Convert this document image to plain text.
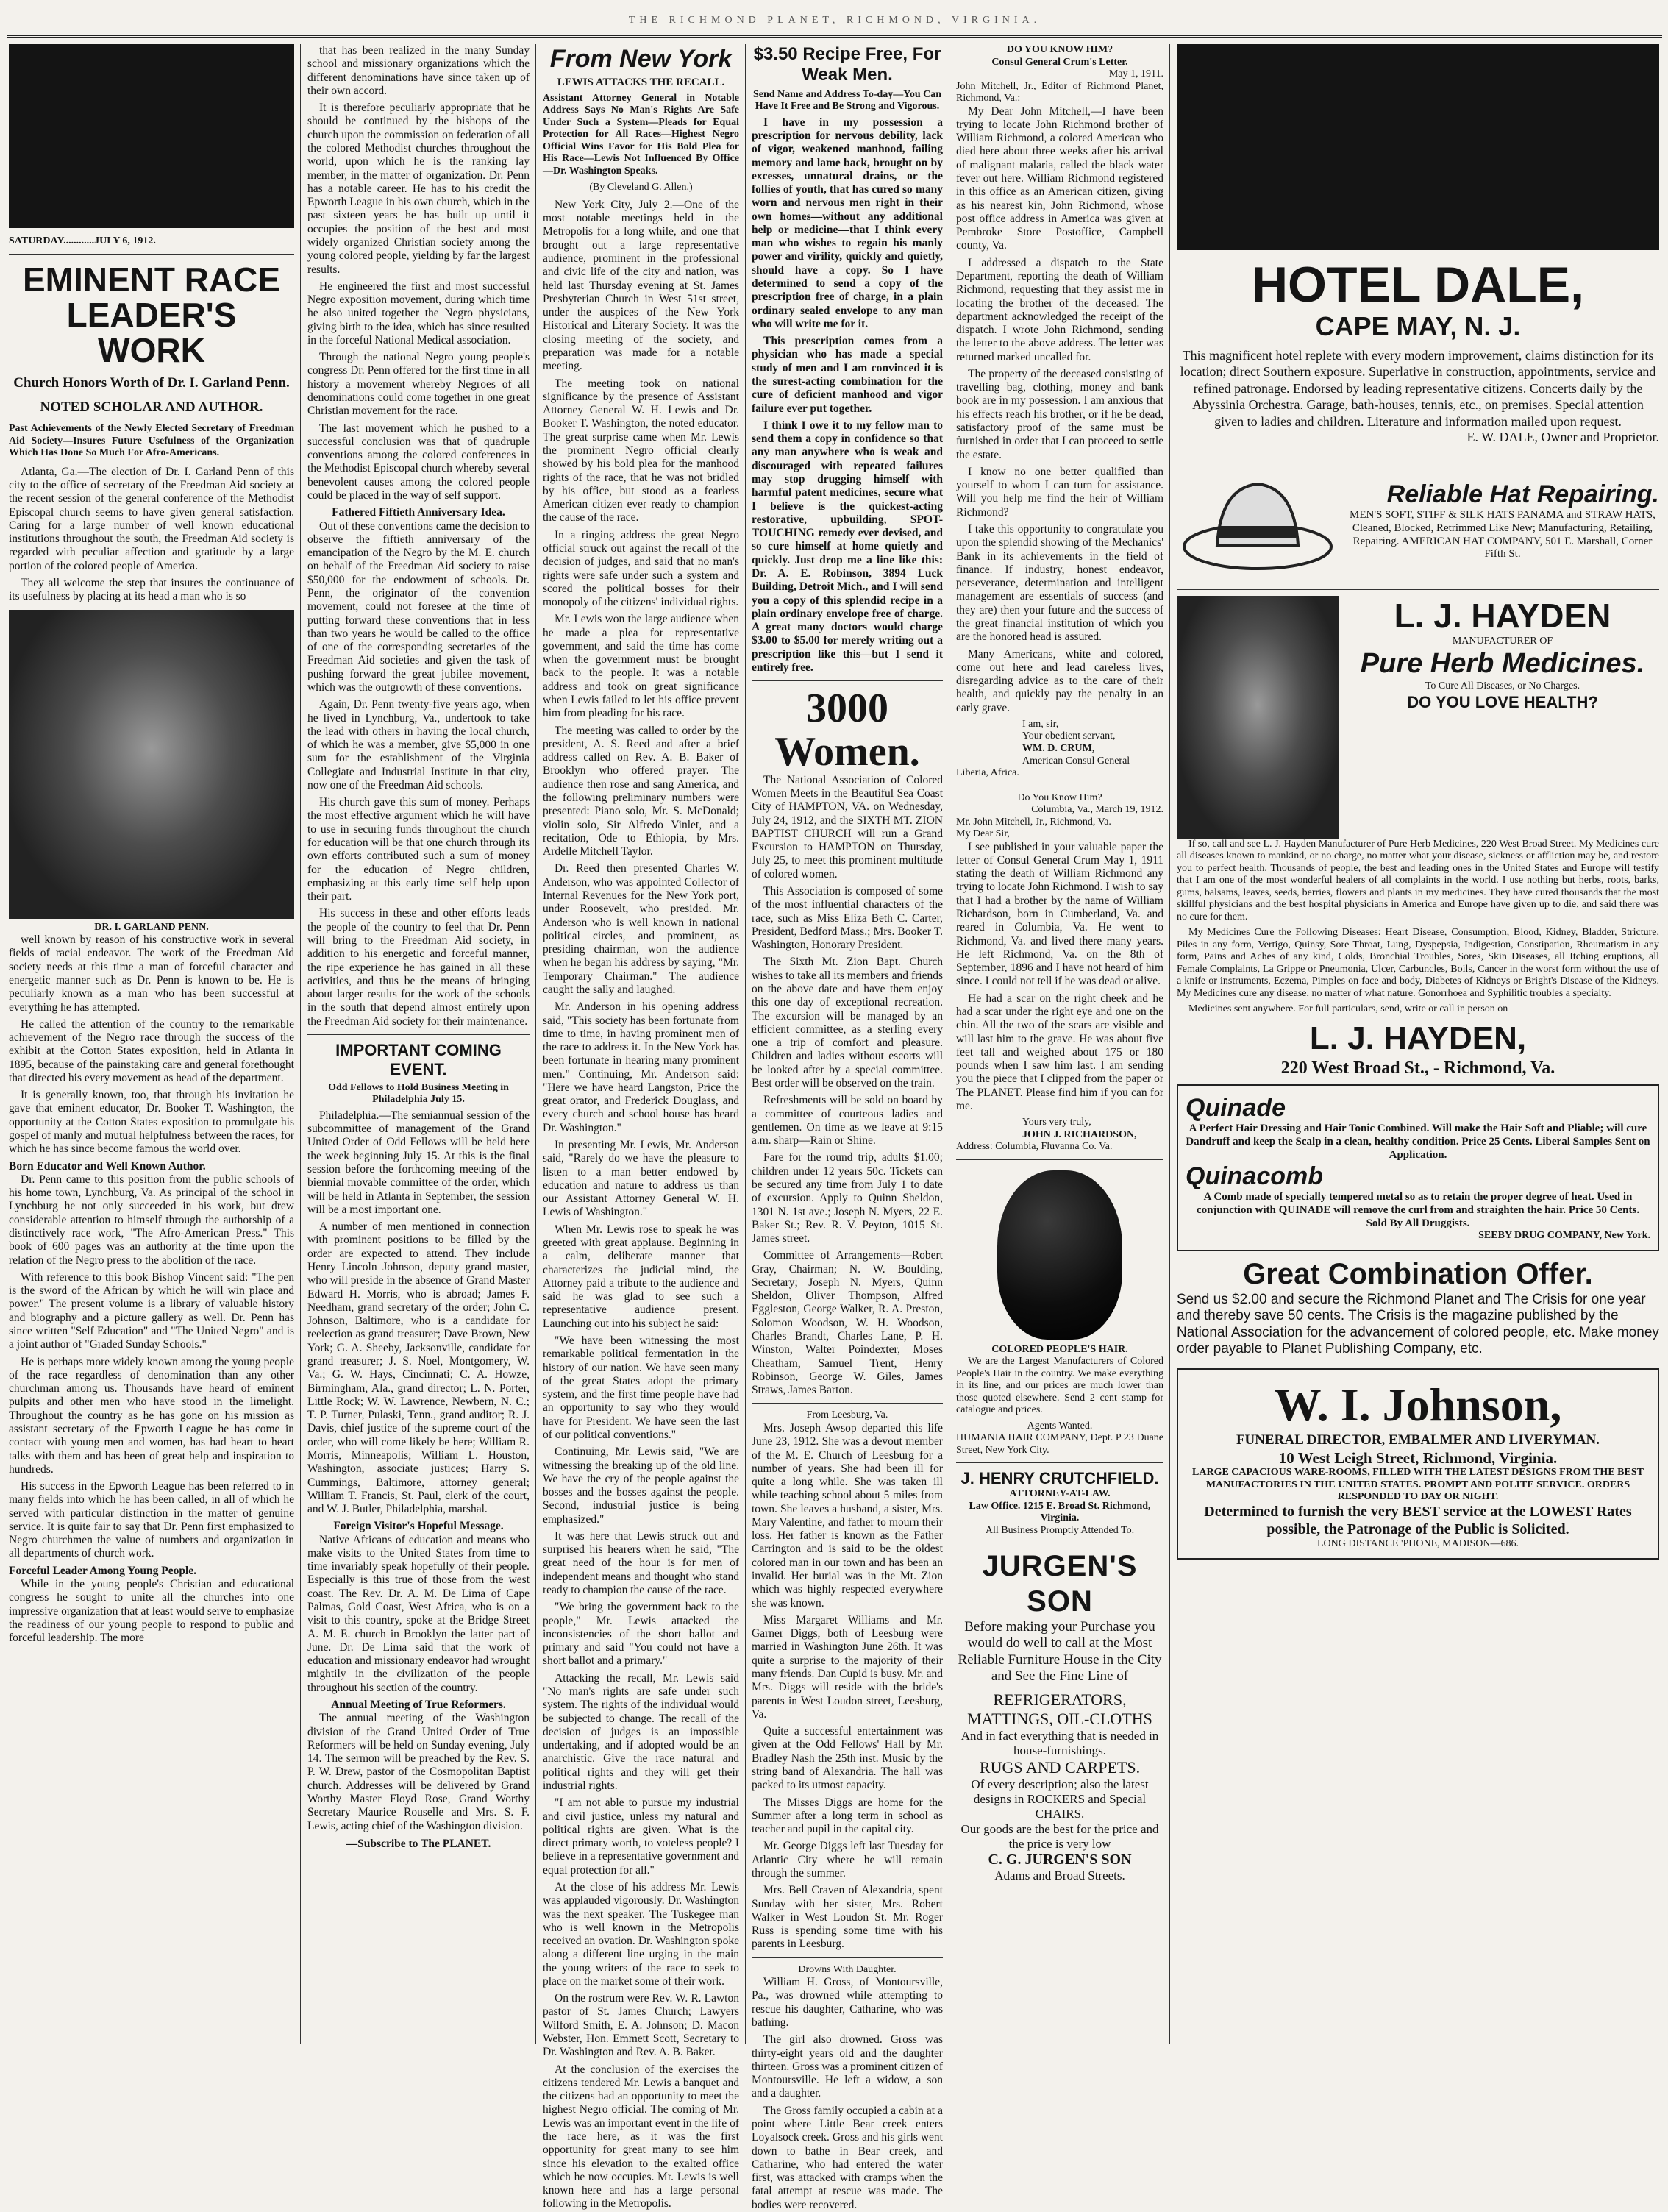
THE RICHMOND PLANET, RICHMOND, VIRGINIA.
SATURDAY............JULY 6, 1912.
EMINENT RACE LEADER'S WORK
Church Honors Worth of Dr. I. Garland Penn.
NOTED SCHOLAR AND AUTHOR.
Past Achievements of the Newly Elected Secretary of Freedman Aid Society—Insures Future Usefulness of the Organization Which Has Done So Much For Afro-Americans.

Atlanta, Ga.—The election of Dr. I. Garland Penn of this city to the office of secretary of the Freedman Aid society at the recent session of the general conference of the Methodist Episcopal church seems to have given general satisfaction. Caring for a large number of well known educational institutions throughout the south, the Freedman Aid society is regarded with peculiar affection and gratitude by a large portion of the colored people of America.

They all welcome the step that insures the continuance of its usefulness by placing at its head a man who is so

DR. I. GARLAND PENN.

well known by reason of his constructive work in several fields of racial endeavor. The work of the Freedman Aid society needs at this time a man of forceful character and energetic manner such as Dr. Penn is known to be. He is peculiarly known as a man who has been successful at everything he has attempted.

He called the attention of the country to the remarkable achievement of the Negro race through the success of the exhibit at the Cotton States exposition, held in Atlanta in 1895, because of the painstaking care and general forethought that directed his every movement as head of the department.

It is generally known, too, that through his invitation he gave that eminent educator, Dr. Booker T. Washington, the opportunity at the Cotton States exposition to promulgate his gospel of manly and mutual helpfulness between the races, for which he has since become famous the world over.

Born Educator and Well Known Author.

Dr. Penn came to this position from the public schools of his home town, Lynchburg, Va. As principal of the school in Lynchburg he not only succeeded in his work, but drew considerable attention to himself through the authorship of a distinctively race work, "The Afro-American Press." This book of 600 pages was an authority at the time upon the relation of the Negro press to the abolition of the race.

With reference to this book Bishop Vincent said: "The pen is the sword of the African by which he will win place and power." The present volume is a library of valuable history and biography and a picture gallery as well. Dr. Penn has since written "Self Education" and "The United Negro" and is a joint author of "Graded Sunday Schools."

He is perhaps more widely known among the young people of the race regardless of denomination than any other churchman among us. Thousands have heard of eminent pulpits and other men who have stood in the limelight. Throughout the country as he has gone on his mission as assistant secretary of the Epworth League he has come in contact with young men and women, has had heart to heart talks with them and has been of great help and inspiration to hundreds.

His success in the Epworth League has been referred to in many fields into which he has been called, in all of which he served with particular distinction in the matter of genuine service. It is quite fair to say that Dr. Penn first emphasized to Negro churchmen the value of numbers and organization in all departments of church work.

Forceful Leader Among Young People.

While in the young people's Christian and educational congress he sought to unite all the churches into one impressive organization that at least would serve to emphasize the readiness of our young people to respond to public and forceful leadership. The more

that has been realized in the many Sunday school and missionary organizations which the different denominations have since taken up of their own accord.

It is therefore peculiarly appropriate that he should be continued by the bishops of the church upon the commission on federation of all the colored Methodist churches throughout the world, upon which he is the ranking lay member, in the matter of organization. Dr. Penn has a notable career. He has to his credit the Epworth League in his own church, which in the past sixteen years he has built up until it occupies the position of the best and most widely organized Christian society among the young colored people, yielding by far the largest results.

He engineered the first and most successful Negro exposition movement, during which time he also united together the Negro physicians, giving birth to the idea, which has since resulted in the forceful National Medical association.

Through the national Negro young people's congress Dr. Penn offered for the first time in all history a movement whereby Negroes of all denominations could come together in one great Christian movement for the race.

The last movement which he pushed to a successful conclusion was that of quadruple conventions among the colored conferences in the Methodist Episcopal church whereby several benevolent causes among the colored people could be placed in the way of self support.

Fathered Fiftieth Anniversary Idea.

Out of these conventions came the decision to observe the fiftieth anniversary of the emancipation of the Negro by the M. E. church on behalf of the Freedman Aid society to raise $50,000 for the endowment of schools. Dr. Penn, the originator of the convention movement, could not foresee at the time of putting forward these conventions that in less than two years he would be called to the office of one of the corresponding secretaries of the Freedman Aid societies and given the task of pushing forward the great jubilee movement, which was the outgrowth of these conventions.

Again, Dr. Penn twenty-five years ago, when he lived in Lynchburg, Va., undertook to take the lead with others in having the local church, of which he was a member, give $5,000 in one sum for the establishment of the Virginia Collegiate and Industrial Institute in that city, now one of the Freedman Aid schools.

His church gave this sum of money. Perhaps the most effective argument which he will have to use in securing funds throughout the church for education will be that one church through its own efforts contributed such a sum of money for the education of Negro children, emphasizing at this early time self help upon their part.

His success in these and other efforts leads the people of the country to feel that Dr. Penn will bring to the Freedman Aid society, in addition to his energetic and forceful manner, the ripe experience he has gained in all these activities, and thus be the means of bringing about larger results for the work of the schools in the south that depend almost entirely upon the Freedman Aid society for their maintenance.

IMPORTANT COMING EVENT.
Odd Fellows to Hold Business Meeting in Philadelphia July 15.

Philadelphia.—The semiannual session of the subcommittee of management of the Grand United Order of Odd Fellows will be held here the week beginning July 15. At this is the final session before the forthcoming meeting of the biennial movable committee of the order, which will be held in Atlanta in September, the session will be a most important one.

A number of men mentioned in connection with prominent positions to be filled by the order are expected to attend. They include Henry Lincoln Johnson, deputy grand master, who will preside in the absence of Grand Master Edward H. Morris, who is abroad; James F. Needham, grand secretary of the order; John C. Johnson, Baltimore, who is a candidate for reelection as grand treasurer; Dave Brown, New York; G. A. Sheeby, Jacksonville, candidate for grand treasurer; J. S. Noel, Montgomery, W. Va.; G. W. Hays, Cincinnati; C. A. Howze, Birmingham, Ala., grand director; L. N. Porter, Little Rock; W. W. Lawrence, Newbern, N. C.; T. P. Turner, Pulaski, Tenn., grand auditor; R. J. Davis, chief justice of the supreme court of the order, who will come likely be here; William R. Morris, Minneapolis; William L. Houston, Washington, associate justices; Harry S. Cummings, Baltimore, attorney general; William T. Francis, St. Paul, clerk of the court, and W. J. Butler, Philadelphia, marshal.

Foreign Visitor's Hopeful Message.

Native Africans of education and means who make visits to the United States from time to time invariably speak hopefully of their people. Especially is this true of those from the west coast. The Rev. Dr. A. M. De Lima of Cape Palmas, Gold Coast, West Africa, who is on a visit to this country, spoke at the Bridge Street A. M. E. church in Brooklyn the latter part of June. Dr. De Lima said that the work of education and missionary endeavor had wrought mightily in the civilization of the people throughout his section of the country.

Annual Meeting of True Reformers.

The annual meeting of the Washington division of the Grand United Order of True Reformers will be held on Sunday evening, July 14. The sermon will be preached by the Rev. S. P. W. Drew, pastor of the Cosmopolitan Baptist church. Addresses will be delivered by Grand Worthy Master Floyd Rose, Grand Worthy Secretary Maurice Rouselle and Mrs. S. F. Lewis, acting chief of the Washington division.

—Subscribe to The PLANET.
From New York
LEWIS ATTACKS THE RECALL.
Assistant Attorney General in Notable Address Says No Man's Rights Are Safe Under Such a System—Pleads for Equal Protection for All Races—Highest Negro Official Wins Favor for His Bold Plea for His Race—Lewis Not Influenced By Office—Dr. Washington Speaks.
(By Cleveland G. Allen.)

New York City, July 2.—One of the most notable meetings held in the Metropolis for a long while, and one that brought out a large representative audience, prominent in the professional and civic life of the city and nation, was held last Thursday evening at St. James Presbyterian Church in West 51st street, under the auspices of the New York Historical and Literary Society. It was the closing meeting of the society, and preparation was made for a notable meeting.

The meeting took on national significance by the presence of Assistant Attorney General W. H. Lewis and Dr. Booker T. Washington, the noted educator. The great surprise came when Mr. Lewis the prominent Negro official clearly showed by his bold plea for the manhood rights of the race, that he was not bridled by his office, but stood as a fearless American citizen ever ready to champion the cause of the race.

In a ringing address the great Negro official struck out against the recall of the decision of judges, and said that no man's rights were safe under such a system and scored the political bosses for their monopoly of the citizens' individual rights.

Mr. Lewis won the large audience when he made a plea for representative government, and said the time has come when the government must be brought back to the people. It was a notable address and took on great significance when Lewis failed to let his office prevent him from pleading for his race.

The meeting was called to order by the president, A. S. Reed and after a brief address called on Rev. A. B. Baker of Brooklyn who offered prayer. The audience then rose and sang America, and the following preliminary numbers were presented: Piano solo, Mr. S. McDonald; violin solo, Sir Alfredo Vinlet, and a recitation, Ode to Ethiopia, by Mrs. Ardelle Mitchell Taylor.

Dr. Reed then presented Charles W. Anderson, who was appointed Collector of Internal Revenues for the New York port, under Roosevelt, who presided. Mr. Anderson who is well known in national political circles, and prominent, as presiding chairman, won the audience when he began his address by saying, "Mr. Temporary Chairman." The audience caught the sally and laughed.

Mr. Anderson in his opening address said, "This society has been fortunate from time to time, in having prominent men of the race to address it. In the New York has been fortunate in hearing many prominent men." Continuing, Mr. Anderson said: "Here we have heard Langston, Price the great orator, and Frederick Douglass, and every church and school house has heard Dr. Washington."

In presenting Mr. Lewis, Mr. Anderson said, "Rarely do we have the pleasure to listen to a man better endowed by education and nature to address us than our Assistant Attorney General W. H. Lewis of Washington."

When Mr. Lewis rose to speak he was greeted with great applause. Beginning in a calm, deliberate manner that characterizes the judicial mind, the Attorney paid a tribute to the audience and said he was glad to see such a representative audience present. Launching out into his subject he said:

"We have been witnessing the most remarkable political fermentation in the history of our nation. We have seen many of the great States adopt the primary system, and the first time people have had an opportunity to say who they would have for President. We have seen the last of our political conventions."

Continuing, Mr. Lewis said, "We are witnessing the breaking up of the old line. We have the cry of the people against the bosses and the bosses against the people. Second, industrial justice is being emphasized."

It was here that Lewis struck out and surprised his hearers when he said, "The great need of the hour is for men of independent means and thought who stand ready to champion the cause of the race.

"We bring the government back to the people," Mr. Lewis attacked the inconsistencies of the short ballot and primary and said "You could not have a short ballot and a primary."

Attacking the recall, Mr. Lewis said "No man's rights are safe under such system. The rights of the individual would be subjected to change. The recall of the decision of judges is an impossible undertaking, and if adopted would be an anarchistic. Give the race natural and political rights and they will get their industrial rights.

"I am not able to pursue my industrial and civil justice, unless my natural and political rights are given. What is the direct primary worth, to voteless people? I believe in a representative government and equal protection for all."

At the close of his address Mr. Lewis was applauded vigorously. Dr. Washington was the next speaker. The Tuskegee man who is well known in the Metropolis received an ovation. Dr. Washington spoke along a different line urging in the main the young writers of the race to seek to place on the market some of their work.

On the rostrum were Rev. W. R. Lawton pastor of St. James Church; Lawyers Wilford Smith, E. A. Johnson; D. Macon Webster, Hon. Emmett Scott, Secretary to Dr. Washington and Rev. A. B. Baker.

At the conclusion of the exercises the citizens tendered Mr. Lewis a banquet and the citizens had an opportunity to meet the highest Negro official. The coming of Mr. Lewis was an important event in the life of the race here, as it was the first opportunity for great many to see him since his elevation to the exalted office which he now occupies. Mr. Lewis is well known here and has a large personal following in the Metropolis.

$3.50 Recipe Free, For Weak Men.
Send Name and Address To-day—You Can Have It Free and Be Strong and Vigorous.

I have in my possession a prescription for nervous debility, lack of vigor, weakened manhood, failing memory and lame back, brought on by excesses, unnatural drains, or the follies of youth, that has cured so many worn and nervous men right in their own homes—without any additional help or medicine—that I think every man who wishes to regain his manly power and virility, quickly and quietly, should have a copy. So I have determined to send a copy of the prescription free of charge, in a plain ordinary sealed envelope to any man who will write me for it.

This prescription comes from a physician who has made a special study of men and I am convinced it is the surest-acting combination for the cure of deficient manhood and vigor failure ever put together.

I think I owe it to my fellow man to send them a copy in confidence so that any man anywhere who is weak and discouraged with repeated failures may stop drugging himself with harmful patent medicines, secure what I believe is the quickest-acting restorative, upbuilding, SPOT-TOUCHING remedy ever devised, and so cure himself at home quietly and quickly. Just drop me a line like this: Dr. A. E. Robinson, 3894 Luck Building, Detroit Mich., and I will send you a copy of this splendid recipe in a plain ordinary envelope free of charge. A great many doctors would charge $3.00 to $5.00 for merely writing out a prescription like this—but I send it entirely free.

3000 Women.

The National Association of Colored Women Meets in the Beautiful Sea Coast City of HAMPTON, VA. on Wednesday, July 24, 1912, and the SIXTH MT. ZION BAPTIST CHURCH will run a Grand Excursion to HAMPTON on Thursday, July 25, to meet this prominent multitude of colored women.

This Association is composed of some of the most influential characters of the race, such as Miss Eliza Beth C. Carter, President, Bedford Mass.; Mrs. Booker T. Washington, Honorary President.

The Sixth Mt. Zion Bapt. Church wishes to take all its members and friends on the above date and have them enjoy this one day of exceptional recreation. The excursion will be managed by an efficient committee, as a sterling every one a trip of comfort and pleasure. Children and ladies without escorts will be looked after by a special committee. Best order will be observed on the train.

Refreshments will be sold on board by a committee of courteous ladies and gentlemen. On time as we leave at 9:15 a.m. sharp—Rain or Shine.

Fare for the round trip, adults $1.00; children under 12 years 50c. Tickets can be secured any time from July 1 to date of excursion. Apply to Quinn Sheldon, 1301 N. 1st ave.; Joseph N. Myers, 22 E. Baker St.; Rev. R. V. Peyton, 1015 St. James street.

Committee of Arrangements—Robert Gray, Chairman; N. W. Boulding, Secretary; Joseph N. Myers, Quinn Sheldon, Oliver Thompson, Alfred Eggleston, George Walker, R. A. Preston, Solomon Woodson, W. H. Woodson, Charles Brandt, Charles Lane, P. H. Winston, Walter Poindexter, Moses Cheatham, Samuel Trent, Henry Robinson, George W. Giles, James Straws, James Barton.

From Leesburg, Va.

Mrs. Joseph Awsop departed this life June 23, 1912. She was a devout member of the M. E. Church of Leesburg for a number of years. She had been ill for quite a long while. She was taken ill while teaching school about 5 miles from town. She leaves a husband, a sister, Mrs. Mary Valentine, and father to mourn their loss. Her father is known as the Father Carrington and is said to be the oldest colored man in our town and has been an invalid. Her burial was in the Mt. Zion which was highly respected everywhere she was known.

Miss Margaret Williams and Mr. Garner Diggs, both of Leesburg were married in Washington June 26th. It was quite a surprise to the majority of their many friends. Dan Cupid is busy. Mr. and Mrs. Diggs will reside with the bride's parents in West Loudon street, Leesburg, Va.

Quite a successful entertainment was given at the Odd Fellows' Hall by Mr. Bradley Nash the 25th inst. Music by the string band of Alexandria. The hall was packed to its utmost capacity.

The Misses Diggs are home for the Summer after a long term in school as teacher and pupil in the capital city.

Mr. George Diggs left last Tuesday for Atlantic City where he will remain through the summer.

Mrs. Bell Craven of Alexandria, spent Sunday with her sister, Mrs. Robert Walker in West Loudon St. Mr. Roger Russ is spending some time with his parents in Leesburg.

Drowns With Daughter.

William H. Gross, of Montoursville, Pa., was drowned while attempting to rescue his daughter, Catharine, who was bathing.

The girl also drowned. Gross was thirty-eight years old and the daughter thirteen. Gross was a prominent citizen of Montoursville. He left a widow, a son and a daughter.

The Gross family occupied a cabin at a point where Little Bear creek enters Loyalsock creek. Gross and his girls went down to bathe in Bear creek, and Catharine, who had entered the water first, was attacked with cramps when the fatal attempt at rescue was made. The bodies were recovered.

DO YOU KNOW HIM?
Consul General Crum's Letter.
May 1, 1911.
John Mitchell, Jr., Editor of Richmond Planet, Richmond, Va.:

My Dear John Mitchell,—I have been trying to locate John Richmond brother of William Richmond, a colored American who died here about three weeks after his arrival of malignant malaria, called the black water fever out here. William Richmond registered in this office as an American citizen, giving as his nearest kin, John Richmond, whose post office address in America was given at Pembroke Store Postoffice, Campbell county, Va.

I addressed a dispatch to the State Department, reporting the death of William Richmond, requesting that they assist me in locating the brother of the deceased. The department acknowledged the receipt of the dispatch. I wrote John Richmond, sending the letter to the above address. The letter was returned marked uncalled for.

The property of the deceased consisting of travelling bag, clothing, money and bank book are in my possession. I am anxious that his effects reach his brother, or if he be dead, satisfactory proof of the same must be furnished in order that I can proceed to settle the estate.

I know no one better qualified than yourself to whom I can turn for assistance. Will you help me find the heir of William Richmond?

I take this opportunity to congratulate you upon the splendid showing of the Mechanics' Bank in its achievements in the field of finance. If industry, honest endeavor, perseverance, determination and intelligent management are essentials of success (and they are) then your future and the success of the great financial institution of which you are the honored head is assured.

Many Americans, white and colored, come out here and lead careless lives, disregarding advice as to the care of their health, and quickly pay the penalty in an early grave.

I am, sir,
Your obedient servant,
WM. D. CRUM,
American Consul General
Liberia, Africa.
Do You Know Him?
Columbia, Va., March 19, 1912.
Mr. John Mitchell, Jr., Richmond, Va.
My Dear Sir,

I see published in your valuable paper the letter of Consul General Crum May 1, 1911 stating the death of William Richmond any trying to locate John Richmond. I wish to say that I had a brother by the name of William Richardson, born in Cumberland, Va. and reared in Columbia, Va. He went to Richmond, Va. and lived there many years. He left Richmond, Va. on the 8th of September, 1896 and I have not heard of him since. I could not tell if he was dead or alive.

He had a scar on the right cheek and he had a scar under the right eye and one on the chin. All the two of the scars are visible and will last him to the grave. He was about five feet tall and weighed about 175 or 180 pounds when I saw him last. I am sending you the piece that I clipped from the paper or The PLANET. Please find him if you can for me.

Yours very truly,
JOHN J. RICHARDSON,
Address: Columbia, Fluvanna Co. Va.
COLORED PEOPLE'S HAIR.

We are the Largest Manufacturers of Colored People's Hair in the country. We make everything in its line, and our prices are much lower than those quoted elsewhere. Send 2 cent stamp for catalogue and prices.

Agents Wanted.
HUMANIA HAIR COMPANY, Dept. P 23 Duane Street, New York City.
J. HENRY CRUTCHFIELD.
ATTORNEY-AT-LAW.
Law Office. 1215 E. Broad St. Richmond, Virginia.
All Business Promptly Attended To.
JURGEN'S SON
Before making your Purchase you would do well to call at the Most Reliable Furniture House in the City and See the Fine Line of
REFRIGERATORS,
MATTINGS, OIL-CLOTHS
And in fact everything that is needed in house-furnishings.
RUGS AND CARPETS.
Of every description; also the latest designs in ROCKERS and Special CHAIRS.
Our goods are the best for the price and the price is very low
C. G. JURGEN'S SON
Adams and Broad Streets.
HOTEL DALE,
CAPE MAY, N. J.
This magnificent hotel replete with every modern improvement, claims distinction for its location; direct Southern exposure. Superlative in construction, appointments, service and refined patronage. Endorsed by leading representative citizens. Concerts daily by the Abyssinia Orchestra. Garage, bath-houses, tennis, etc., on premises. Special attention given to ladies and children. Literature and information mailed upon request.
E. W. DALE, Owner and Proprietor.
Reliable Hat Repairing.
MEN'S SOFT, STIFF & SILK HATS PANAMA and STRAW HATS, Cleaned, Blocked, Retrimmed Like New; Manufacturing, Retailing, Repairing. AMERICAN HAT COMPANY, 501 E. Marshall, Corner Fifth St.
L. J. HAYDEN
MANUFACTURER OF
Pure Herb Medicines.
To Cure All Diseases, or No Charges.
DO YOU LOVE HEALTH?

If so, call and see L. J. Hayden Manufacturer of Pure Herb Medicines, 220 West Broad Street. My Medicines cure all diseases known to mankind, or no charge, no matter what your disease, sickness or affliction may be, and restore you to perfect health. Thousands of people, the best and leading ones in the United States and Europe will testify that I am one of the most wonderful healers of all complaints in the world. I use nothing but herbs, roots, barks, gums, balsams, leaves, seeds, berries, flowers and plants in my medicines. They have cured thousands that the most skillful physicians and the best hospital physicians in America and Europe have given up to die, and said there was no cure for them.

My Medicines Cure the Following Diseases: Heart Disease, Consumption, Blood, Kidney, Bladder, Stricture, Piles in any form, Vertigo, Quinsy, Sore Throat, Lung, Dyspepsia, Indigestion, Constipation, Rheumatism in any form, Pains and Aches of any kind, Colds, Bronchial Troubles, Sores, Skin Diseases, all Itching eruptions, all Female Complaints, La Grippe or Pneumonia, Ulcer, Carbuncles, Boils, Cancer in the worst form without the use of a knife or instruments, Eczema, Pimples on face and body, Diabetes of Kidneys or Bright's Disease of the Kidneys. My Medicines cure any disease, no matter of what nature. Gonorrhoea and Syphilitic troubles a specialty.

Medicines sent anywhere. For full particulars, send, write or call in person on

L. J. HAYDEN,
220 West Broad St., - Richmond, Va.
Quinade
A Perfect Hair Dressing and Hair Tonic Combined. Will make the Hair Soft and Pliable; will cure Dandruff and keep the Scalp in a clean, healthy condition. Price 25 Cents. Liberal Samples Sent on Application.
Quinacomb
A Comb made of specially tempered metal so as to retain the proper degree of heat. Used in conjunction with QUINADE will remove the curl from and straighten the hair. Price 50 Cents. Sold By All Druggists.
SEEBY DRUG COMPANY, New York.
Great Combination Offer.
Send us $2.00 and secure the Richmond Planet and The Crisis for one year and thereby save 50 cents. The Crisis is the magazine published by the National Association for the advancement of colored people, etc. Make money order payable to Planet Publishing Company, etc.
W. I. Johnson,
FUNERAL DIRECTOR, EMBALMER AND LIVERYMAN.
10 West Leigh Street, Richmond, Virginia.
LARGE CAPACIOUS WARE-ROOMS, FILLED WITH THE LATEST DESIGNS FROM THE BEST MANUFACTORIES IN THE UNITED STATES. PROMPT AND POLITE SERVICE. ORDERS RESPONDED TO DAY OR NIGHT.
Determined to furnish the very BEST service at the LOWEST Rates possible, the Patronage of the Public is Solicited.
LONG DISTANCE 'PHONE, MADISON—686.
